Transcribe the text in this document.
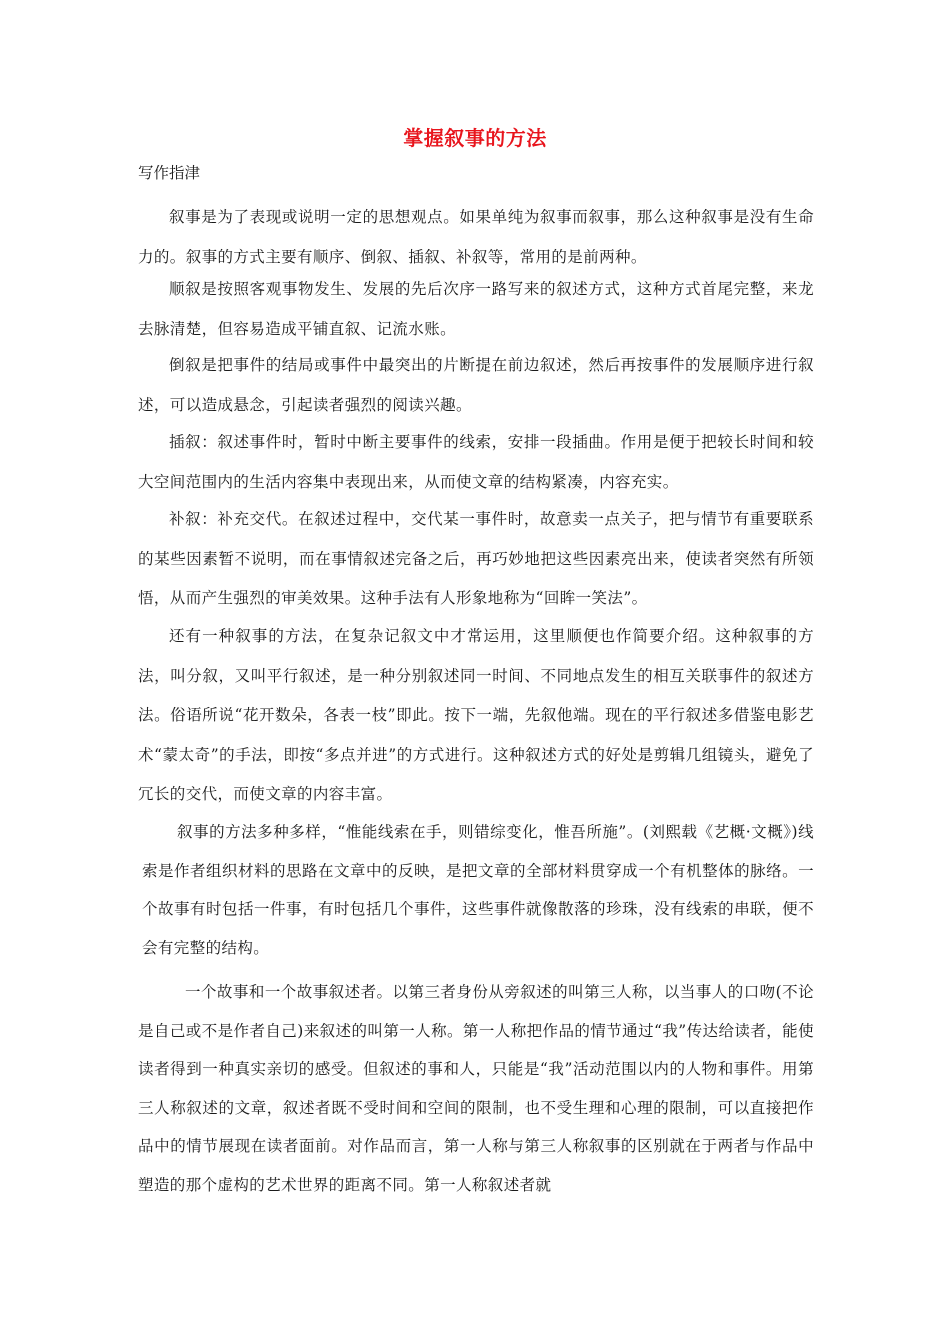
掌握叙事的方法
写作指津

叙事是为了表现或说明一定的思想观点。如果单纯为叙事而叙事，那么这种叙事是没有生命力的。叙事的方式主要有顺序、倒叙、插叙、补叙等，常用的是前两种。

顺叙是按照客观事物发生、发展的先后次序一路写来的叙述方式，这种方式首尾完整，来龙去脉清楚，但容易造成平铺直叙、记流水账。

倒叙是把事件的结局或事件中最突出的片断提在前边叙述，然后再按事件的发展顺序进行叙述，可以造成悬念，引起读者强烈的阅读兴趣。

插叙：叙述事件时，暂时中断主要事件的线索，安排一段插曲。作用是便于把较长时间和较大空间范围内的生活内容集中表现出来，从而使文章的结构紧凑，内容充实。

补叙：补充交代。在叙述过程中，交代某一事件时，故意卖一点关子，把与情节有重要联系的某些因素暂不说明，而在事情叙述完备之后，再巧妙地把这些因素亮出来，使读者突然有所领悟，从而产生强烈的审美效果。这种手法有人形象地称为“回眸一笑法”。

还有一种叙事的方法，在复杂记叙文中才常运用，这里顺便也作简要介绍。这种叙事的方法，叫分叙，又叫平行叙述，是一种分别叙述同一时间、不同地点发生的相互关联事件的叙述方法。俗语所说“花开数朵，各表一枝”即此。按下一端，先叙他端。现在的平行叙述多借鉴电影艺术“蒙太奇”的手法，即按“多点并进”的方式进行。这种叙述方式的好处是剪辑几组镜头，避免了冗长的交代，而使文章的内容丰富。

叙事的方法多种多样，“惟能线索在手，则错综变化，惟吾所施”。(刘熙载《艺概·文概》)线索是作者组织材料的思路在文章中的反映，是把文章的全部材料贯穿成一个有机整体的脉络。一个故事有时包括一件事，有时包括几个事件，这些事件就像散落的珍珠，没有线索的串联，便不会有完整的结构。

一个故事和一个故事叙述者。以第三者身份从旁叙述的叫第三人称，以当事人的口吻(不论是自己或不是作者自己)来叙述的叫第一人称。第一人称把作品的情节通过“我”传达给读者，能使读者得到一种真实亲切的感受。但叙述的事和人，只能是“我”活动范围以内的人物和事件。用第三人称叙述的文章，叙述者既不受时间和空间的限制，也不受生理和心理的限制，可以直接把作品中的情节展现在读者面前。对作品而言，第一人称与第三人称叙事的区别就在于两者与作品中塑造的那个虚构的艺术世界的距离不同。第一人称叙述者就
